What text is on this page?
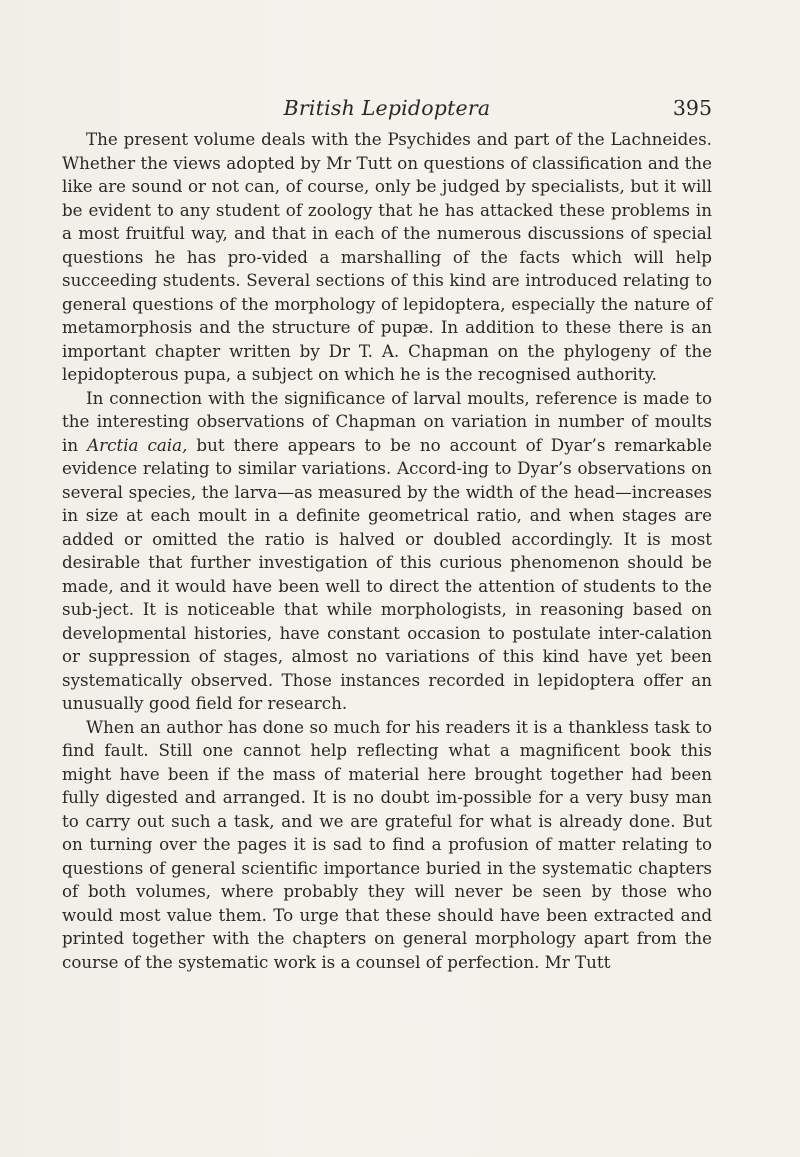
British Lepidoptera	395

The present volume deals with the Psychides and part of the Lachneides. Whether the views adopted by Mr Tutt on questions of classification and the like are sound or not can, of course, only be judged by specialists, but it will be evident to any student of zoology that he has attacked these problems in a most fruitful way, and that in each of the numerous discussions of special questions he has pro-vided a marshalling of the facts which will help succeeding students. Several sections of this kind are introduced relating to general questions of the morphology of lepidoptera, especially the nature of metamorphosis and the structure of pupæ. In addition to these there is an important chapter written by Dr T. A. Chapman on the phylogeny of the lepidopterous pupa, a subject on which he is the recognised authority.

In connection with the significance of larval moults, reference is made to the interesting observations of Chapman on variation in number of moults in Arctia caia, but there appears to be no account of Dyar’s remarkable evidence relating to similar variations. Accord-ing to Dyar’s observations on several species, the larva—as measured by the width of the head—increases in size at each moult in a definite geometrical ratio, and when stages are added or omitted the ratio is halved or doubled accordingly. It is most desirable that further investigation of this curious phenomenon should be made, and it would have been well to direct the attention of students to the sub-ject. It is noticeable that while morphologists, in reasoning based on developmental histories, have constant occasion to postulate inter-calation or suppression of stages, almost no variations of this kind have yet been systematically observed. Those instances recorded in lepidoptera offer an unusually good field for research.

When an author has done so much for his readers it is a thankless task to find fault. Still one cannot help reflecting what a magnificent book this might have been if the mass of material here brought together had been fully digested and arranged. It is no doubt im-possible for a very busy man to carry out such a task, and we are grateful for what is already done. But on turning over the pages it is sad to find a profusion of matter relating to questions of general scientific importance buried in the systematic chapters of both volumes, where probably they will never be seen by those who would most value them. To urge that these should have been extracted and printed together with the chapters on general morphology apart from the course of the systematic work is a counsel of perfection. Mr Tutt
